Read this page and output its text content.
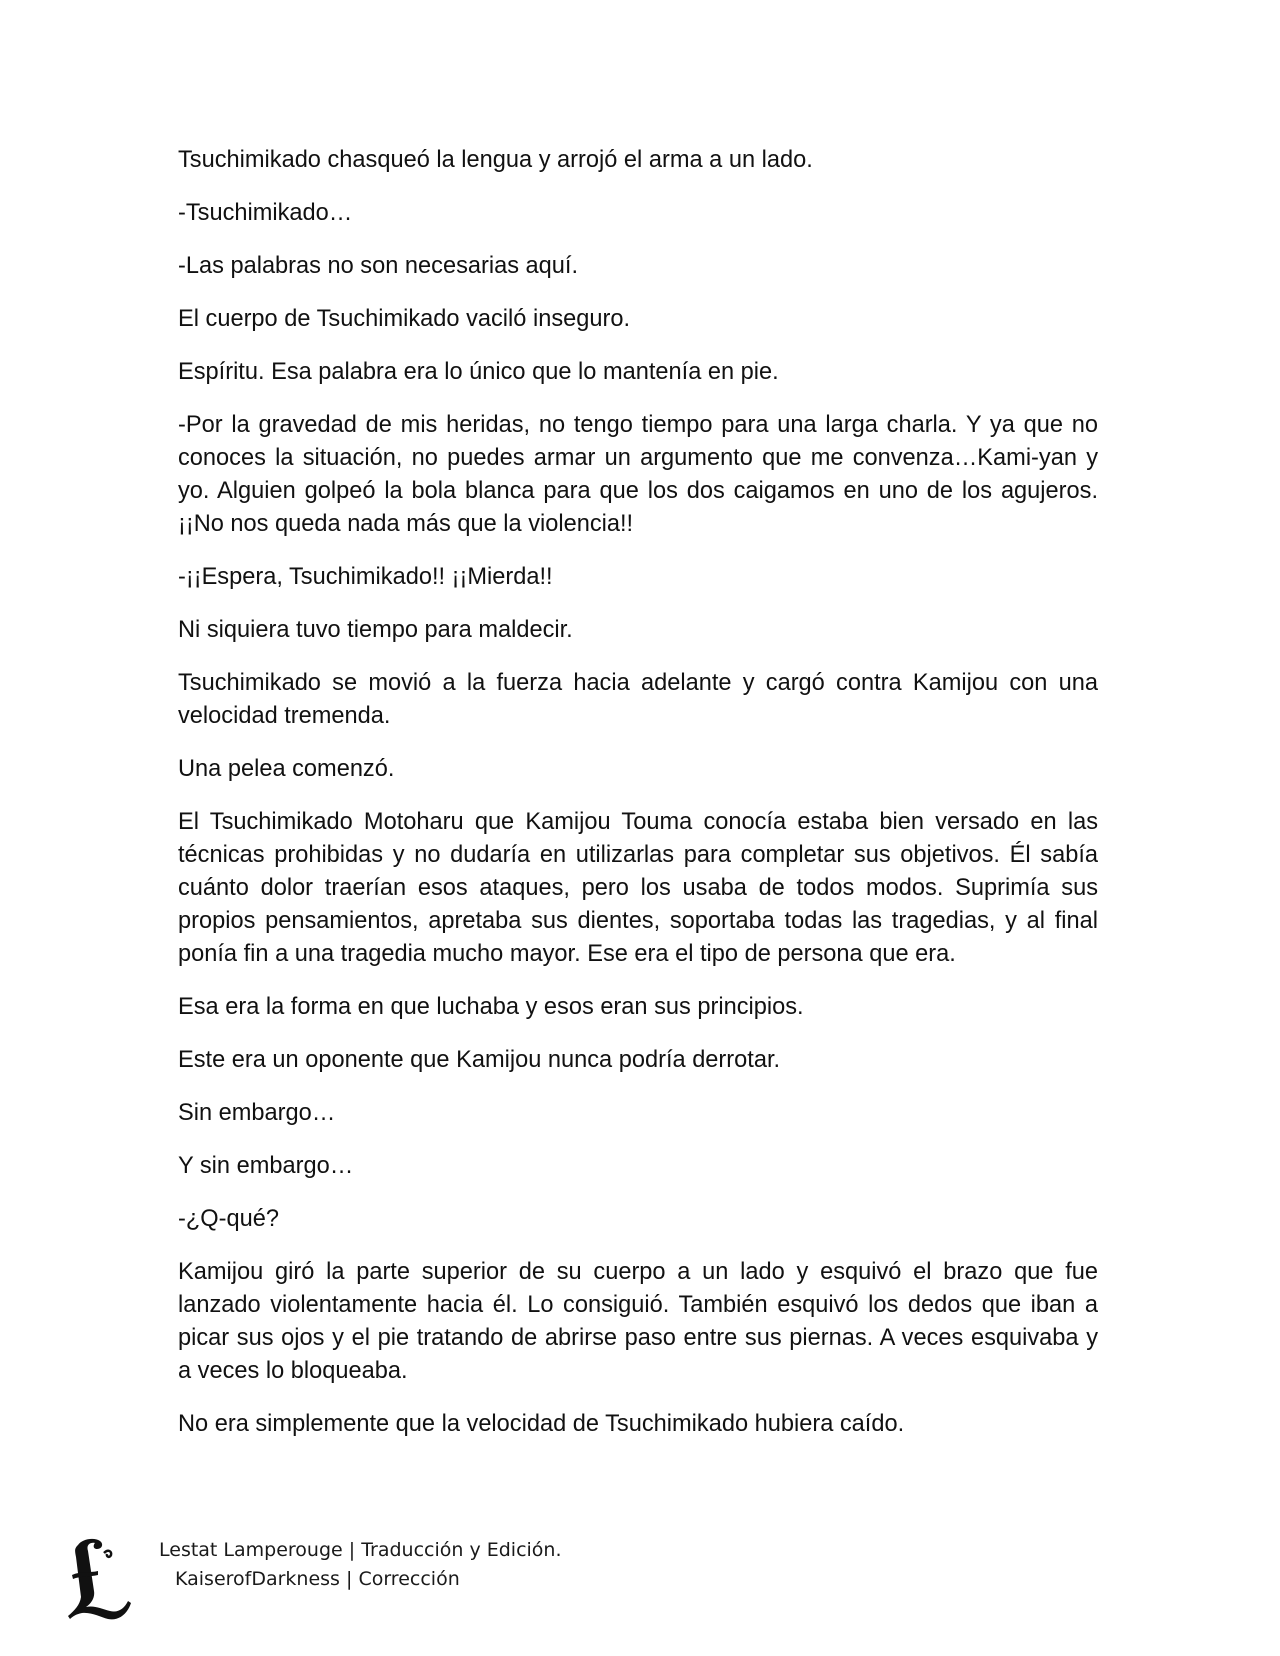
Tsuchimikado chasqueó la lengua y arrojó el arma a un lado.

-Tsuchimikado…

-Las palabras no son necesarias aquí.

El cuerpo de Tsuchimikado vaciló inseguro.

Espíritu. Esa palabra era lo único que lo mantenía en pie.

-Por la gravedad de mis heridas, no tengo tiempo para una larga charla. Y ya que no conoces la situación, no puedes armar un argumento que me convenza…Kami-yan y yo. Alguien golpeó la bola blanca para que los dos caigamos en uno de los agujeros. ¡¡No nos queda nada más que la violencia!!

-¡¡Espera, Tsuchimikado!! ¡¡Mierda!!

Ni siquiera tuvo tiempo para maldecir.

Tsuchimikado se movió a la fuerza hacia adelante y cargó contra Kamijou con una velocidad tremenda.

Una pelea comenzó.

El Tsuchimikado Motoharu que Kamijou Touma conocía estaba bien versado en las técnicas prohibidas y no dudaría en utilizarlas para completar sus objetivos. Él sabía cuánto dolor traerían esos ataques, pero los usaba de todos modos. Suprimía sus propios pensamientos, apretaba sus dientes, soportaba todas las tragedias, y al final ponía fin a una tragedia mucho mayor. Ese era el tipo de persona que era.

Esa era la forma en que luchaba y esos eran sus principios.

Este era un oponente que Kamijou nunca podría derrotar.

Sin embargo…

Y sin embargo…

-¿Q-qué?

Kamijou giró la parte superior de su cuerpo a un lado y esquivó el brazo que fue lanzado violentamente hacia él. Lo consiguió. También esquivó los dedos que iban a picar sus ojos y el pie tratando de abrirse paso entre sus piernas. A veces esquivaba y a veces lo bloqueaba.

No era simplemente que la velocidad de Tsuchimikado hubiera caído.

Lestat Lamperouge | Traducción y Edición.
KaiserofDarkness | Corrección
